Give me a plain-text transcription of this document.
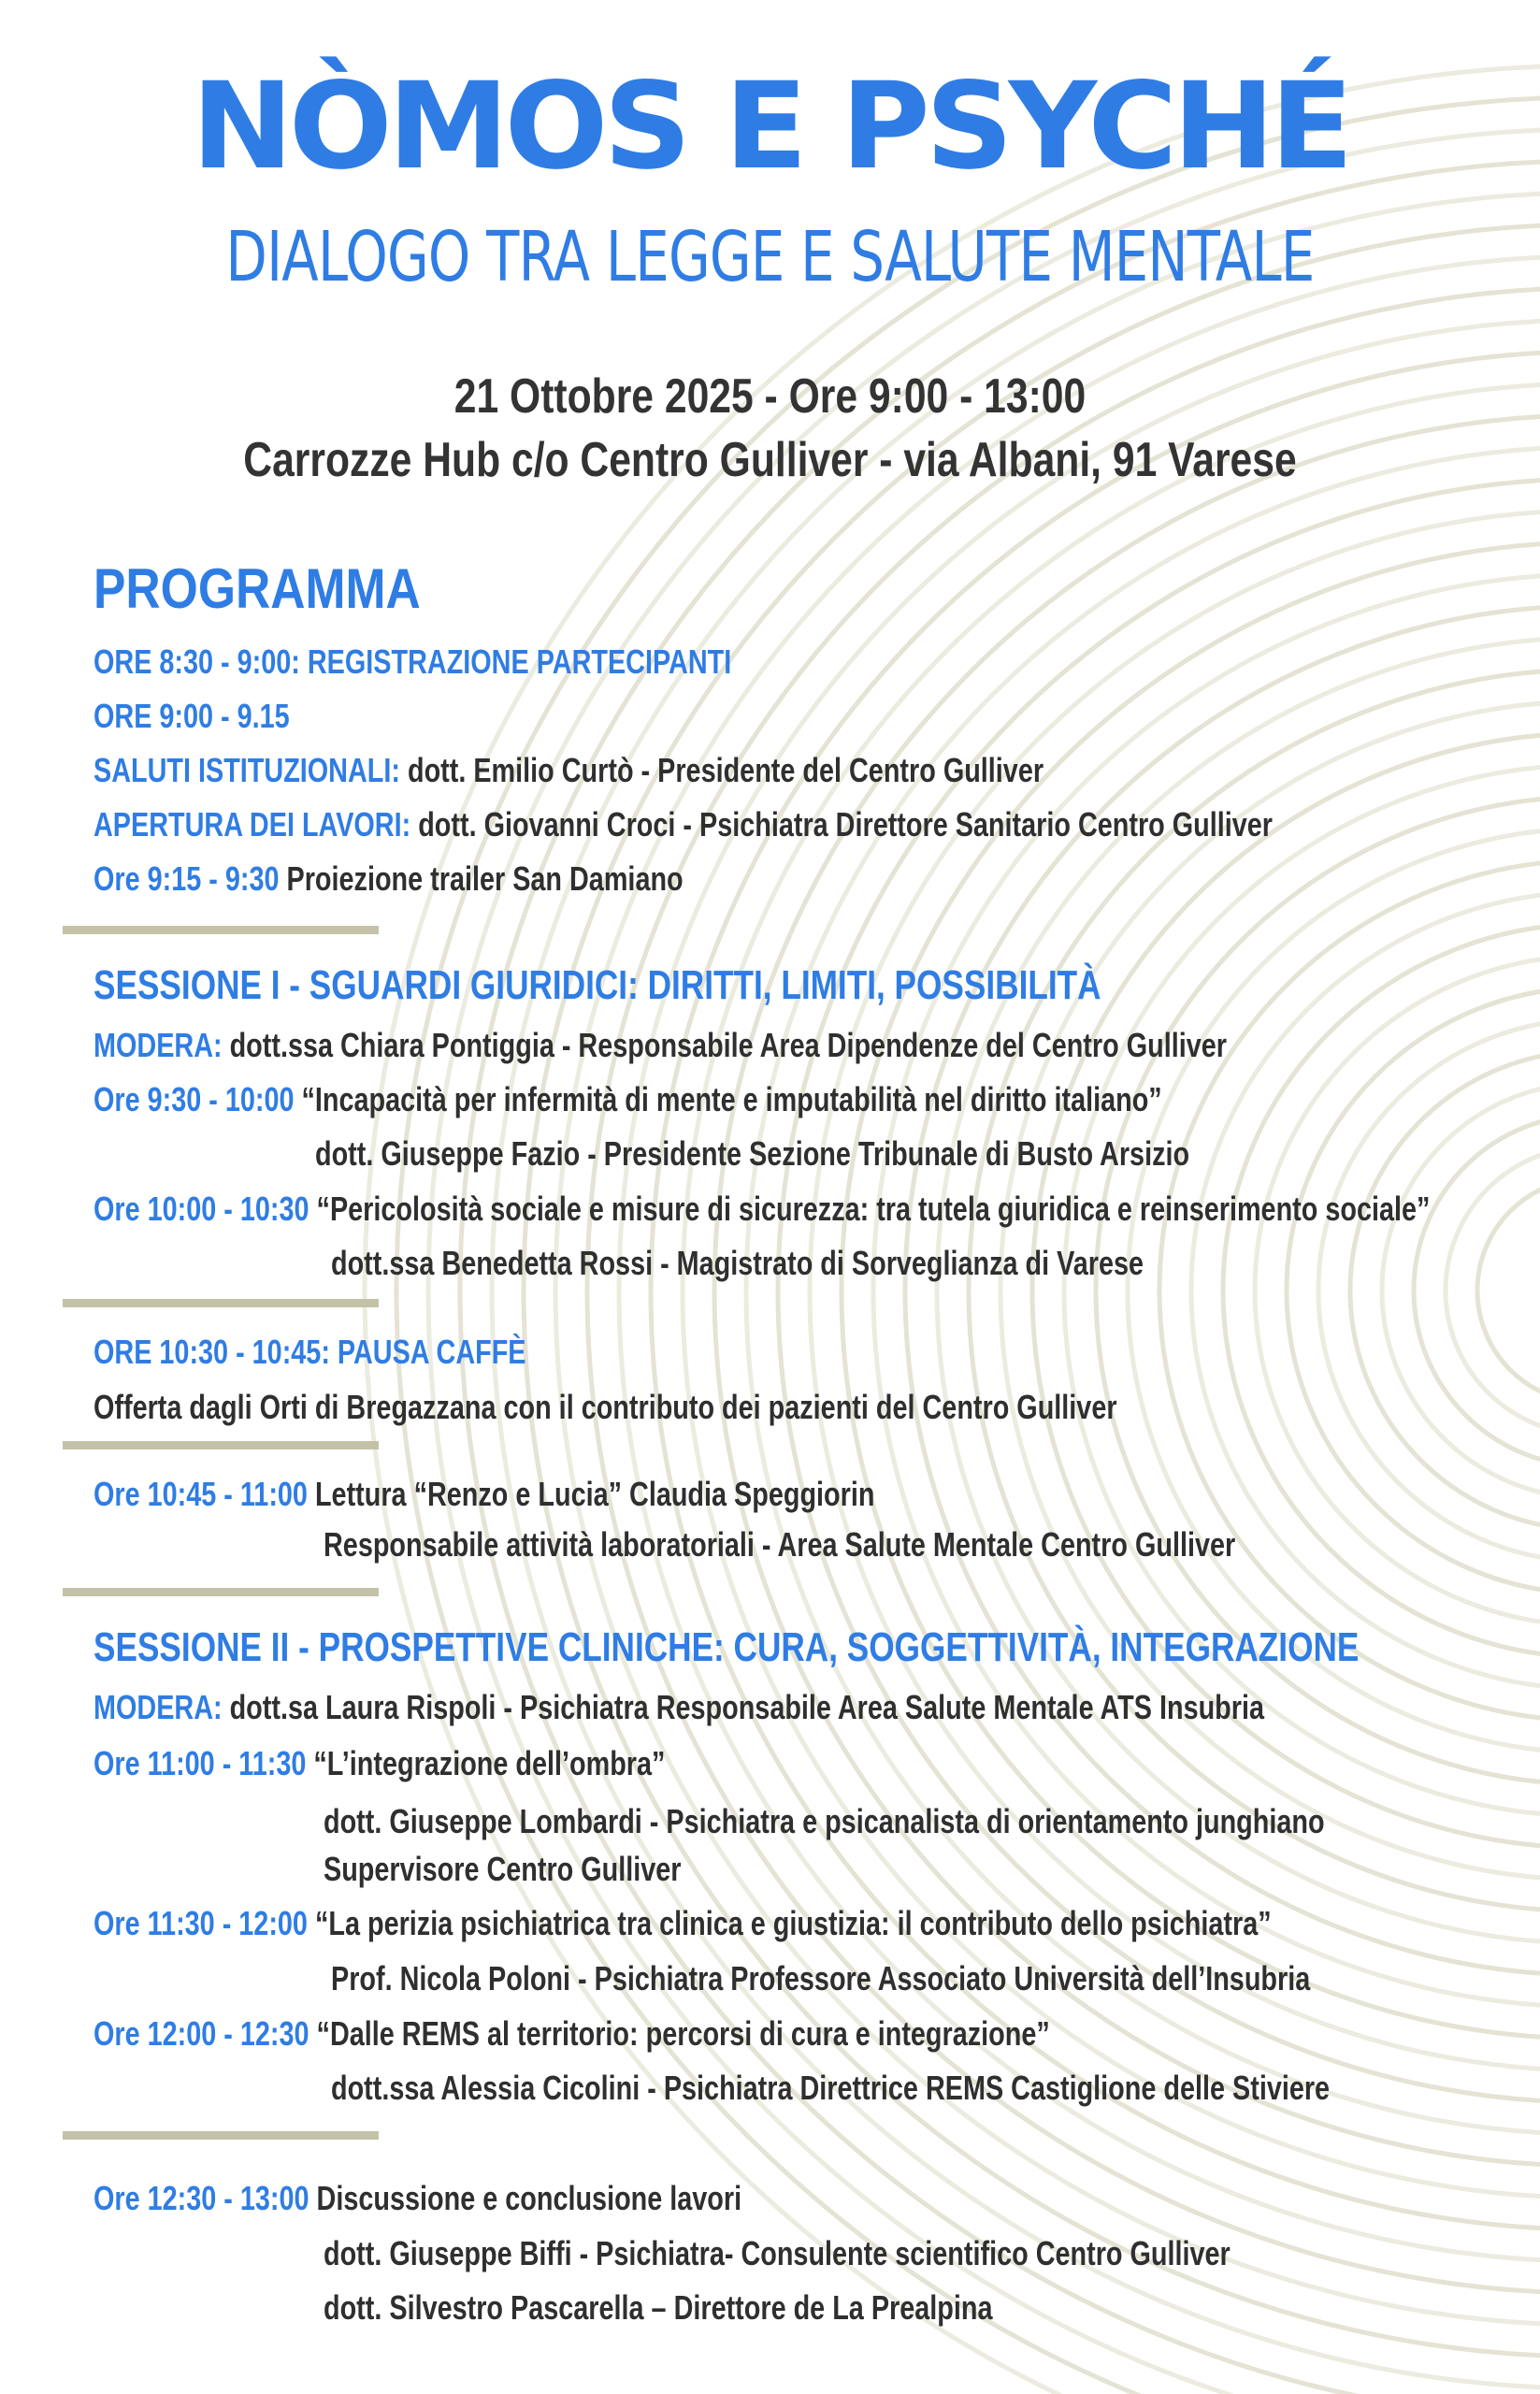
NÒMOS E PSYCHÉ
DIALOGO TRA LEGGE E SALUTE MENTALE
21 Ottobre 2025 - Ore 9:00 - 13:00
Carrozze Hub c/o Centro Gulliver - via Albani, 91 Varese
PROGRAMMA
ORE 8:30 - 9:00: REGISTRAZIONE PARTECIPANTI
ORE 9:00 - 9.15
SALUTI ISTITUZIONALI: dott. Emilio Curtò - Presidente del Centro Gulliver
APERTURA DEI LAVORI: dott. Giovanni Croci - Psichiatra Direttore Sanitario Centro Gulliver
Ore 9:15 - 9:30 Proiezione trailer San Damiano
SESSIONE I - SGUARDI GIURIDICI: DIRITTI, LIMITI, POSSIBILITÀ
MODERA: dott.ssa Chiara Pontiggia - Responsabile Area Dipendenze del Centro Gulliver
Ore 9:30 - 10:00 “Incapacità per infermità di mente e imputabilità nel diritto italiano”
dott. Giuseppe Fazio - Presidente Sezione Tribunale di Busto Arsizio
Ore 10:00 - 10:30 “Pericolosità sociale e misure di sicurezza: tra tutela giuridica e reinserimento sociale”
dott.ssa Benedetta Rossi - Magistrato di Sorveglianza di Varese
ORE 10:30 - 10:45: PAUSA CAFFÈ
Offerta dagli Orti di Bregazzana con il contributo dei pazienti del Centro Gulliver
Ore 10:45 - 11:00 Lettura “Renzo e Lucia” Claudia Speggiorin
Responsabile attività laboratoriali - Area Salute Mentale Centro Gulliver
SESSIONE II - PROSPETTIVE CLINICHE: CURA, SOGGETTIVITÀ, INTEGRAZIONE
MODERA: dott.sa Laura Rispoli - Psichiatra Responsabile Area Salute Mentale ATS Insubria
Ore 11:00 - 11:30 “L’integrazione dell’ombra”
dott. Giuseppe Lombardi - Psichiatra e psicanalista di orientamento junghiano
Supervisore Centro Gulliver
Ore 11:30 - 12:00 “La perizia psichiatrica tra clinica e giustizia: il contributo dello psichiatra”
Prof. Nicola Poloni - Psichiatra Professore Associato Università dell’Insubria
Ore 12:00 - 12:30 “Dalle REMS al territorio: percorsi di cura e integrazione”
dott.ssa Alessia Cicolini - Psichiatra Direttrice REMS Castiglione delle Stiviere
Ore 12:30 - 13:00 Discussione e conclusione lavori
dott. Giuseppe Biffi - Psichiatra- Consulente scientifico Centro Gulliver
dott. Silvestro Pascarella – Direttore de La Prealpina
